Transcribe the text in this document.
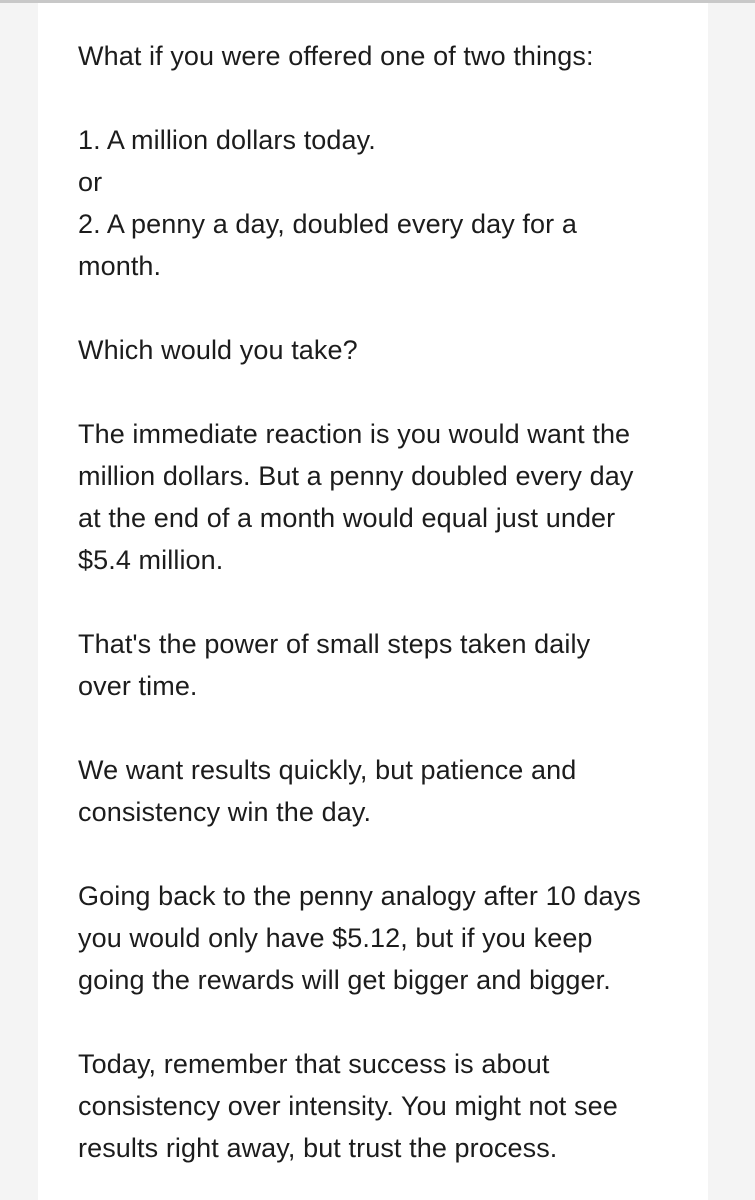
What if you were offered one of two things:

1. A million dollars today.
or
2. A penny a day, doubled every day for a
month.

Which would you take?

The immediate reaction is you would want the
million dollars. But a penny doubled every day
at the end of a month would equal just under
$5.4 million.

That's the power of small steps taken daily
over time.

We want results quickly, but patience and
consistency win the day.

Going back to the penny analogy after 10 days
you would only have $5.12, but if you keep
going the rewards will get bigger and bigger.

Today, remember that success is about
consistency over intensity. You might not see
results right away, but trust the process.
